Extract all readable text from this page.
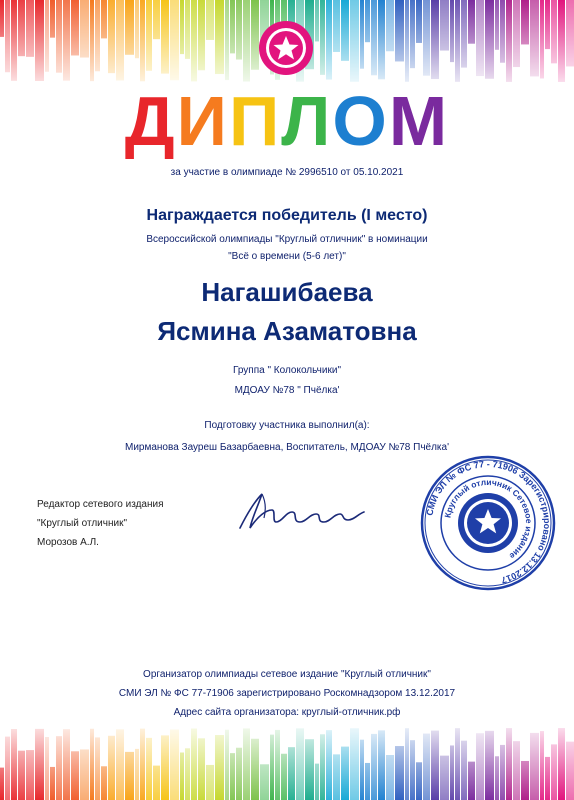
ДИПЛОМ
за участие в олимпиаде № 2996510 от 05.10.2021
Награждается победитель (I место)
Всероссийской олимпиады "Круглый отличник" в номинации
"Всё о времени (5-6 лет)"
Нагашибаева
Ясмина Азаматовна
Группа " Колокольчики"
МДОАУ №78 " Пчёлка'
Подготовку участника выполнил(а):
Мирманова Зауреш Базарбаевна, Воспитатель, МДОАУ №78 Пчёлка'
Редактор сетевого издания
"Круглый отличник"
Морозов А.Л.
СМИ ЭЛ № ФС 77 - 71906 Зарегистрировано 13.12.2017
Круглый отличник Сетевое издание
Организатор олимпиады сетевое издание "Круглый отличник"
СМИ ЭЛ № ФС 77-71906 зарегистрировано Роскомнадзором 13.12.2017
Адрес сайта организатора: круглый-отличник.рф
